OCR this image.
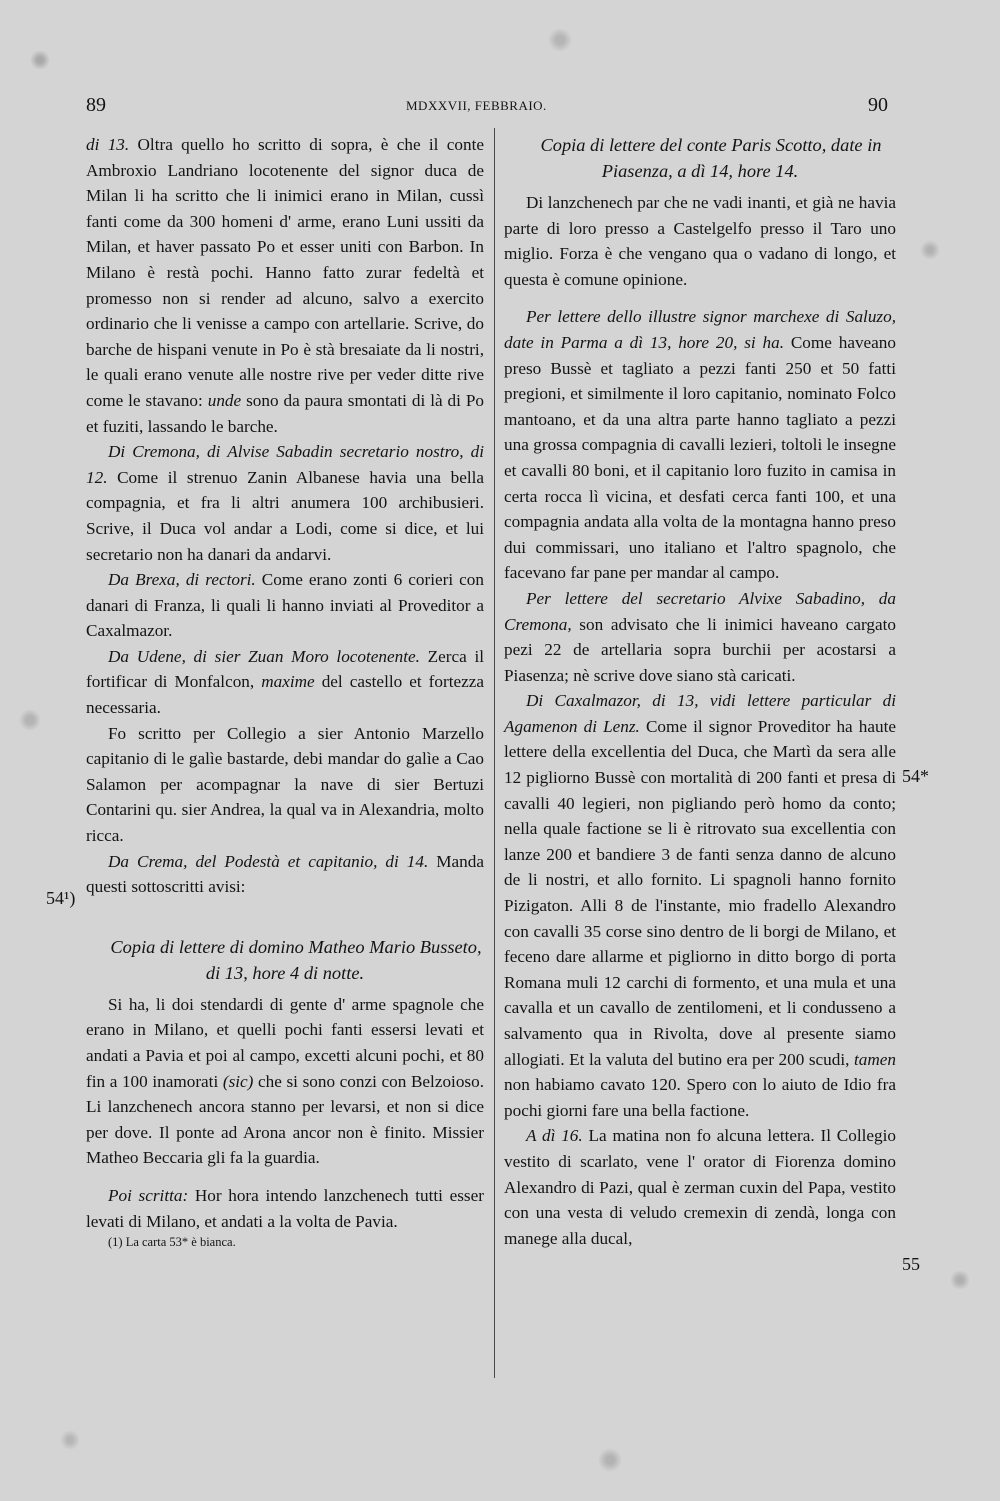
89	MDXXVII, FEBBRAIO.	90
54¹)
54*
55

di 13. Oltra quello ho scritto di sopra, è che il conte Ambroxio Landriano locotenente del signor duca de Milan li ha scritto che li inimici erano in Milan, cussì fanti come da 300 homeni d' arme, erano Luni ussiti da Milan, et haver passato Po et esser uniti con Barbon. In Milano è restà pochi. Hanno fatto zurar fedeltà et promesso non si render ad alcuno, salvo a exercito ordinario che li venisse a campo con artellarie. Scrive, do barche de hispani venute in Po è stà bresaiate da li nostri, le quali erano venute alle nostre rive per veder ditte rive come le stavano: unde sono da paura smontati di là di Po et fuziti, lassando le barche.

Di Cremona, di Alvise Sabadin secretario nostro, di 12. Come il strenuo Zanin Albanese havia una bella compagnia, et fra li altri anumera 100 archibusieri. Scrive, il Duca vol andar a Lodi, come si dice, et lui secretario non ha danari da andarvi.

Da Brexa, di rectori. Come erano zonti 6 corieri con danari di Franza, li quali li hanno inviati al Proveditor a Caxalmazor.

Da Udene, di sier Zuan Moro locotenente. Zerca il fortificar di Monfalcon, maxime del castello et fortezza necessaria.

Fo scritto per Collegio a sier Antonio Marzello capitanio di le galìe bastarde, debi mandar do galìe a Cao Salamon per acompagnar la nave di sier Bertuzi Contarini qu. sier Andrea, la qual va in Alexandria, molto ricca.

Da Crema, del Podestà et capitanio, di 14. Manda questi sottoscritti avisi:

Copia di lettere di domino Matheo Mario Busseto, di 13, hore 4 di notte.

Si ha, li doi stendardi di gente d' arme spagnole che erano in Milano, et quelli pochi fanti essersi levati et andati a Pavia et poi al campo, excetti alcuni pochi, et 80 fin a 100 inamorati (sic) che si sono conzi con Belzoioso. Li lanzchenech ancora stanno per levarsi, et non si dice per dove. Il ponte ad Arona ancor non è finito. Missier Matheo Beccaria gli fa la guardia.

Poi scritta: Hor hora intendo lanzchenech tutti esser levati di Milano, et andati a la volta de Pavia.

(1) La carta 53* è bianca.

Copia di lettere del conte Paris Scotto, date in Piasenza, a dì 14, hore 14.

Di lanzchenech par che ne vadi inanti, et già ne havia parte di loro presso a Castelgelfo presso il Taro uno miglio. Forza è che vengano qua o vadano di longo, et questa è comune opinione.

Per lettere dello illustre signor marchexe di Saluzo, date in Parma a dì 13, hore 20, si ha. Come haveano preso Bussè et tagliato a pezzi fanti 250 et 50 fatti pregioni, et similmente il loro capitanio, nominato Folco mantoano, et da una altra parte hanno tagliato a pezzi una grossa compagnia di cavalli lezieri, toltoli le insegne et cavalli 80 boni, et il capitanio loro fuzito in camisa in certa rocca lì vicina, et desfati cerca fanti 100, et una compagnia andata alla volta de la montagna hanno preso dui commissari, uno italiano et l'altro spagnolo, che facevano far pane per mandar al campo.

Per lettere del secretario Alvixe Sabadino, da Cremona, son advisato che li inimici haveano cargato pezi 22 de artellaria sopra burchii per acostarsi a Piasenza; nè scrive dove siano stà caricati.

Di Caxalmazor, di 13, vidi lettere particular di Agamenon di Lenz. Come il signor Proveditor ha haute lettere della excellentia del Duca, che Martì da sera alle 12 pigliorno Bussè con mortalità di 200 fanti et presa di cavalli 40 legieri, non pigliando però homo da conto; nella quale factione se li è ritrovato sua excellentia con lanze 200 et bandiere 3 de fanti senza danno de alcuno de li nostri, et allo fornito. Li spagnoli hanno fornito Pizigaton. Alli 8 de l'instante, mio fradello Alexandro con cavalli 35 corse sino dentro de li borgi de Milano, et feceno dare allarme et pigliorno in ditto borgo di porta Romana muli 12 carchi di formento, et una mula et una cavalla et un cavallo de zentilomeni, et li condusseno a salvamento qua in Rivolta, dove al presente siamo allogiati. Et la valuta del butino era per 200 scudi, tamen non habiamo cavato 120. Spero con lo aiuto de Idio fra pochi giorni fare una bella factione.

A dì 16. La matina non fo alcuna lettera. Il Collegio vestito di scarlato, vene l' orator di Fiorenza domino Alexandro di Pazi, qual è zerman cuxin del Papa, vestito con una vesta di veludo cremexin di zendà, longa con manege alla ducal,
